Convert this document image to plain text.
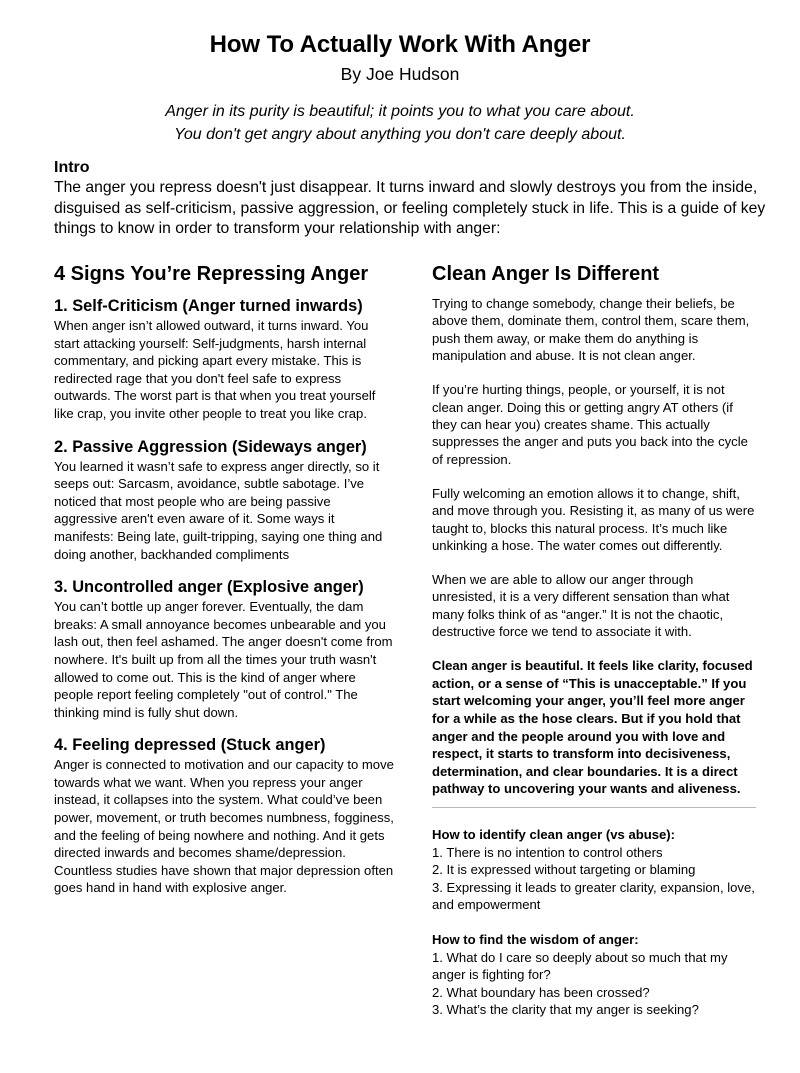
How To Actually Work With Anger
By Joe Hudson
Anger in its purity is beautiful; it points you to what you care about.
You don't get angry about anything you don't care deeply about.
Intro
The anger you repress doesn't just disappear. It turns inward and slowly destroys you from the inside, disguised as self-criticism, passive aggression, or feeling completely stuck in life. This is a guide of key things to know in order to transform your relationship with anger:
4 Signs You’re Repressing Anger
1. Self-Criticism (Anger turned inwards)
When anger isn’t allowed outward, it turns inward. You start attacking yourself: Self-judgments, harsh internal commentary, and picking apart every mistake. This is redirected rage that you don't feel safe to express outwards. The worst part is that when you treat yourself like crap, you invite other people to treat you like crap.
2. Passive Aggression (Sideways anger)
You learned it wasn’t safe to express anger directly, so it seeps out: Sarcasm, avoidance, subtle sabotage. I’ve noticed that most people who are being passive aggressive aren't even aware of it. Some ways it manifests: Being late, guilt-tripping, saying one thing and doing another, backhanded compliments
3. Uncontrolled anger (Explosive anger)
You can’t bottle up anger forever. Eventually, the dam breaks: A small annoyance becomes unbearable and you lash out, then feel ashamed. The anger doesn't come from nowhere. It's built up from all the times your truth wasn't allowed to come out. This is the kind of anger where people report feeling completely "out of control." The thinking mind is fully shut down.
4. Feeling depressed (Stuck anger)
Anger is connected to motivation and our capacity to move towards what we want. When you repress your anger instead, it collapses into the system. What could’ve been power, movement, or truth becomes numbness, fogginess, and the feeling of being nowhere and nothing. And it gets directed inwards and becomes shame/depression. Countless studies have shown that major depression often goes hand in hand with explosive anger.
Clean Anger Is Different
Trying to change somebody, change their beliefs, be above them, dominate them, control them, scare them, push them away, or make them do anything is manipulation and abuse. It is not clean anger.
If you’re hurting things, people, or yourself, it is not clean anger. Doing this or getting angry AT others (if they can hear you) creates shame. This actually suppresses the anger and puts you back into the cycle of repression.
Fully welcoming an emotion allows it to change, shift, and move through you. Resisting it, as many of us were taught to, blocks this natural process. It’s much like unkinking a hose. The water comes out differently.
When we are able to allow our anger through unresisted, it is a very different sensation than what many folks think of as “anger.” It is not the chaotic, destructive force we tend to associate it with.
Clean anger is beautiful. It feels like clarity, focused action, or a sense of “This is unacceptable.” If you start welcoming your anger, you’ll feel more anger for a while as the hose clears. But if you hold that anger and the people around you with love and respect, it starts to transform into decisiveness, determination, and clear boundaries. It is a direct pathway to uncovering your wants and aliveness.
How to identify clean anger (vs abuse):
1. There is no intention to control others
2. It is expressed without targeting or blaming
3. Expressing it leads to greater clarity, expansion, love, and empowerment
How to find the wisdom of anger:
1. What do I care so deeply about so much that my anger is fighting for?
2. What boundary has been crossed?
3. What’s the clarity that my anger is seeking?
